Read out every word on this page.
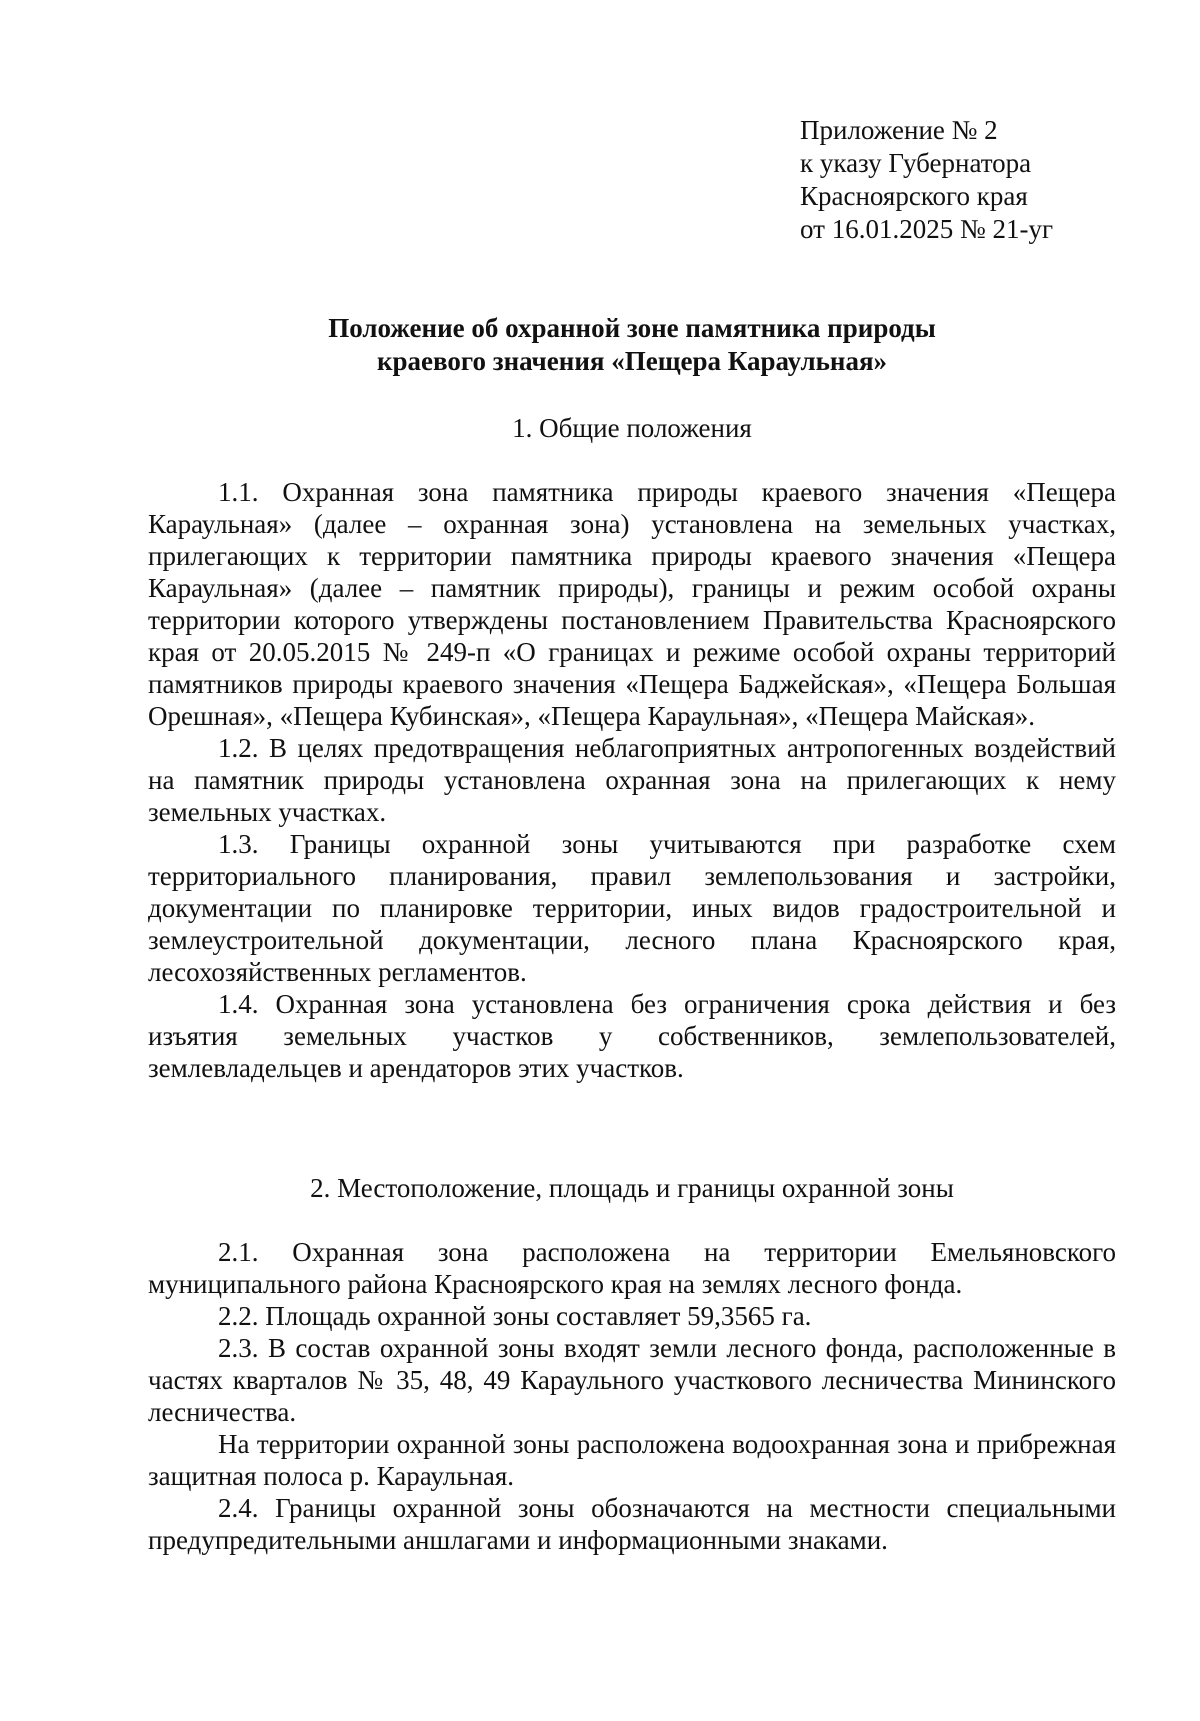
Приложение № 2
к указу Губернатора
Красноярского края
от 16.01.2025 № 21-уг
Положение об охранной зоне памятника природы
краевого значения «Пещера Караульная»
1. Общие положения

1.1. Охранная зона памятника природы краевого значения «Пещера Караульная» (далее – охранная зона) установлена на земельных участках, прилегающих к территории памятника природы краевого значения «Пещера Караульная» (далее – памятник природы), границы и режим особой охраны территории которого утверждены постановлением Правительства Красноярского края от 20.05.2015 № 249-п «О границах и режиме особой охраны территорий памятников природы краевого значения «Пещера Баджейская», «Пещера Большая Орешная», «Пещера Кубинская», «Пещера Караульная», «Пещера Майская».

1.2. В целях предотвращения неблагоприятных антропогенных воздействий на памятник природы установлена охранная зона на прилегающих к нему земельных участках.

1.3. Границы охранной зоны учитываются при разработке схем территориального планирования, правил землепользования и застройки, документации по планировке территории, иных видов градостроительной и землеустроительной документации, лесного плана Красноярского края, лесохозяйственных регламентов.

1.4. Охранная зона установлена без ограничения срока действия и без изъятия земельных участков у собственников, землепользователей, землевладельцев и арендаторов этих участков.

2. Местоположение, площадь и границы охранной зоны

2.1. Охранная зона расположена на территории Емельяновского муниципального района Красноярского края на землях лесного фонда.

2.2. Площадь охранной зоны составляет 59,3565 га.

2.3. В состав охранной зоны входят земли лесного фонда, расположенные в частях кварталов № 35, 48, 49 Караульного участкового лесничества Мининского лесничества.

На территории охранной зоны расположена водоохранная зона и прибрежная защитная полоса р. Караульная.

2.4. Границы охранной зоны обозначаются на местности специальными предупредительными аншлагами и информационными знаками.
